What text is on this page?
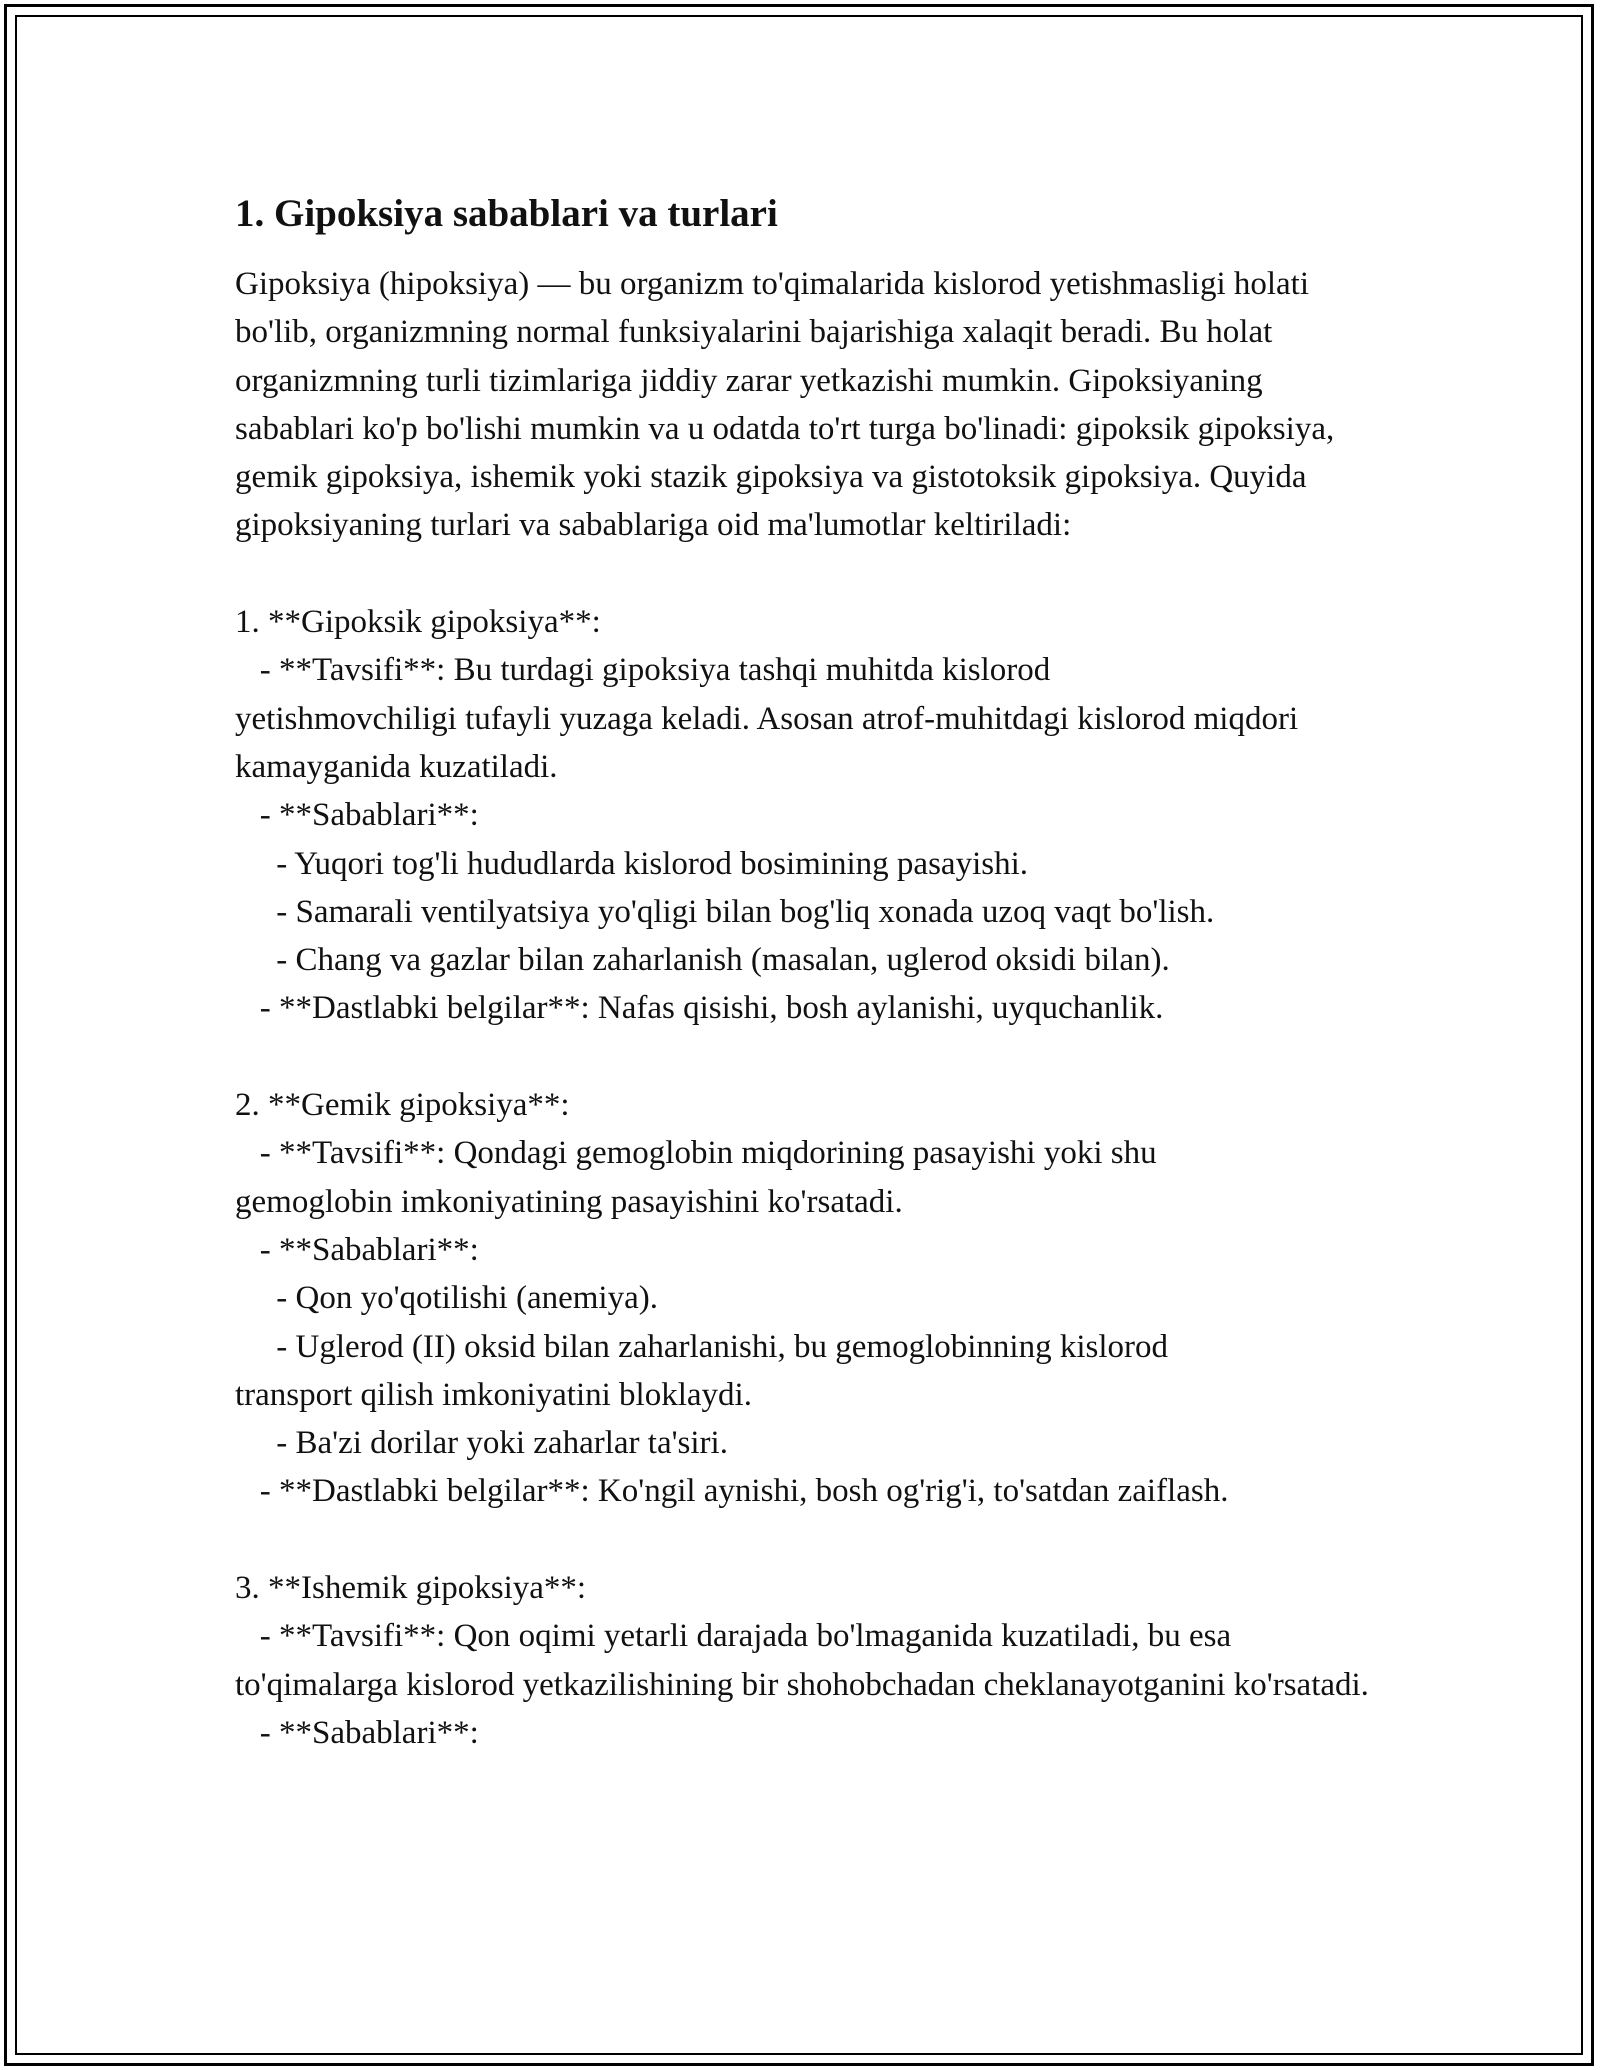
1. Gipoksiya sabablari va turlari

Gipoksiya (hipoksiya) — bu organizm to'qimalarida kislorod yetishmasligi holati bo'lib, organizmning normal funksiyalarini bajarishiga xalaqit beradi. Bu holat organizmning turli tizimlariga jiddiy zarar yetkazishi mumkin. Gipoksiyaning sabablari ko'p bo'lishi mumkin va u odatda to'rt turga bo'linadi: gipoksik gipoksiya, gemik gipoksiya, ishemik yoki stazik gipoksiya va gistotoksik gipoksiya. Quyida gipoksiyaning turlari va sabablariga oid ma'lumotlar keltiriladi:

1. **Gipoksik gipoksiya**:
- **Tavsifi**: Bu turdagi gipoksiya tashqi muhitda kislorod
yetishmovchiligi tufayli yuzaga keladi. Asosan atrof-muhitdagi kislorod miqdori kamayganida kuzatiladi.
- **Sabablari**:
- Yuqori tog'li hududlarda kislorod bosimining pasayishi.
- Samarali ventilyatsiya yo'qligi bilan bog'liq xonada uzoq vaqt bo'lish.
- Chang va gazlar bilan zaharlanish (masalan, uglerod oksidi bilan).
- **Dastlabki belgilar**: Nafas qisishi, bosh aylanishi, uyquchanlik.
2. **Gemik gipoksiya**:
- **Tavsifi**: Qondagi gemoglobin miqdorining pasayishi yoki shu
gemoglobin imkoniyatining pasayishini ko'rsatadi.
- **Sabablari**:
- Qon yo'qotilishi (anemiya).
- Uglerod (II) oksid bilan zaharlanishi, bu gemoglobinning kislorod
transport qilish imkoniyatini bloklaydi.
- Ba'zi dorilar yoki zaharlar ta'siri.
- **Dastlabki belgilar**: Ko'ngil aynishi, bosh og'rig'i, to'satdan zaiflash.
3. **Ishemik gipoksiya**:
- **Tavsifi**: Qon oqimi yetarli darajada bo'lmaganida kuzatiladi, bu esa
to'qimalarga kislorod yetkazilishining bir shohobchadan cheklanayotganini ko'rsatadi.
- **Sabablari**:
